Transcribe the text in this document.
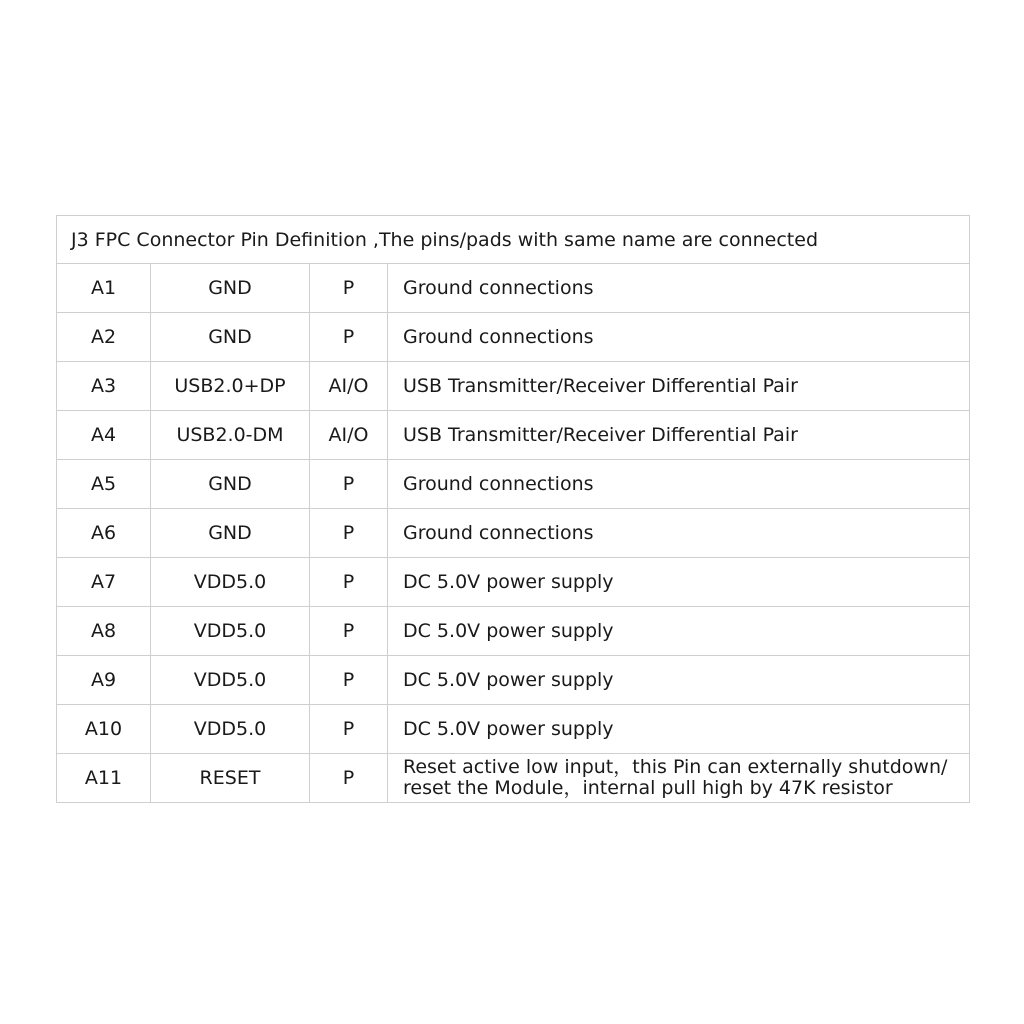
J3 FPC Connector Pin Definition ,The pins/pads with same name are connected			
A1	GND	P	Ground connections

A2	GND	P	Ground connections

A3	USB2.0+DP	AI/O	USB Transmitter/Receiver Differential Pair

A4	USB2.0-DM	AI/O	USB Transmitter/Receiver Differential Pair

A5	GND	P	Ground connections

A6	GND	P	Ground connections

A7	VDD5.0	P	DC 5.0V power supply

A8	VDD5.0	P	DC 5.0V power supply

A9	VDD5.0	P	DC 5.0V power supply

A10	VDD5.0	P	DC 5.0V power supply

A11	RESET	P	Reset active low input，this Pin can externally shutdown/
reset the Module，internal pull high by 47K resistor
